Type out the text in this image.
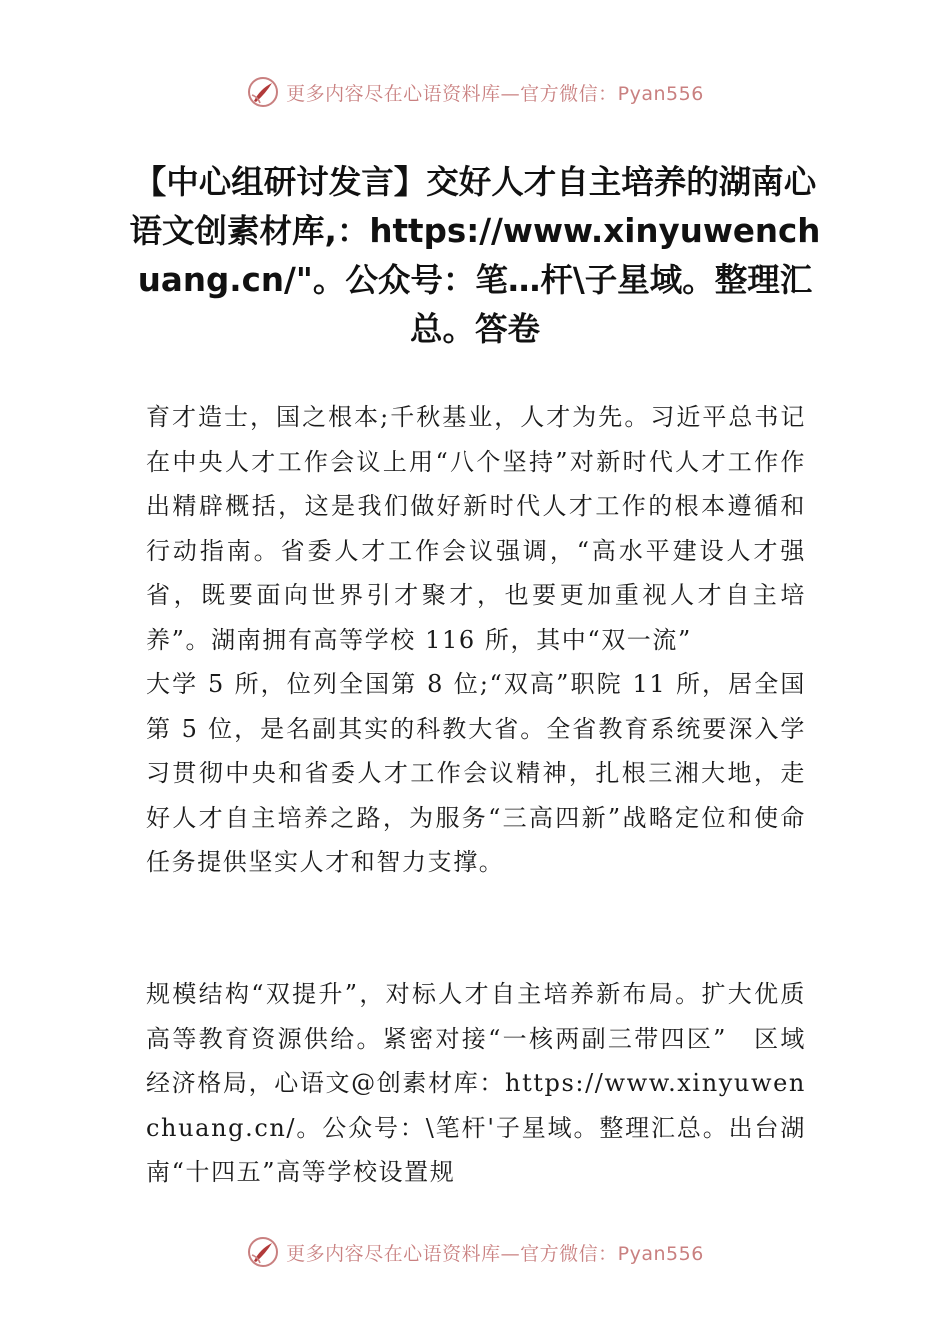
更多内容尽在心语资料库—官方微信：Pyan556
【中心组研讨发言】交好人才自主培养的湖南心语文创素材库,：https://www.xinyuwenchuang.cn/"。公众号：笔…杆\子星域。整理汇总。答卷

育才造士，国之根本;千秋基业，人才为先。习近平总书记在中央人才工作会议上用“八个坚持”对新时代人才工作作出精辟概括，这是我们做好新时代人才工作的根本遵循和行动指南。省委人才工作会议强调，“高水平建设人才强省，既要面向世界引才聚才，也要更加重视人才自主培养”。湖南拥有高等学校 116 所，其中“双一流”

大学 5 所，位列全国第 8 位;“双高”职院 11 所，居全国第 5 位，是名副其实的科教大省。全省教育系统要深入学习贯彻中央和省委人才工作会议精神，扎根三湘大地，走好人才自主培养之路，为服务“三高四新”战略定位和使命任务提供坚实人才和智力支撑。

规模结构“双提升”，对标人才自主培养新布局。扩大优质高等教育资源供给。紧密对接“一核两副三带四区”　区域经济格局，心语文@创素材库：https://www.xinyuwenchuang.cn/。公众号：\笔杆'子星域。整理汇总。出台湖南“十四五”高等学校设置规

更多内容尽在心语资料库—官方微信：Pyan556
